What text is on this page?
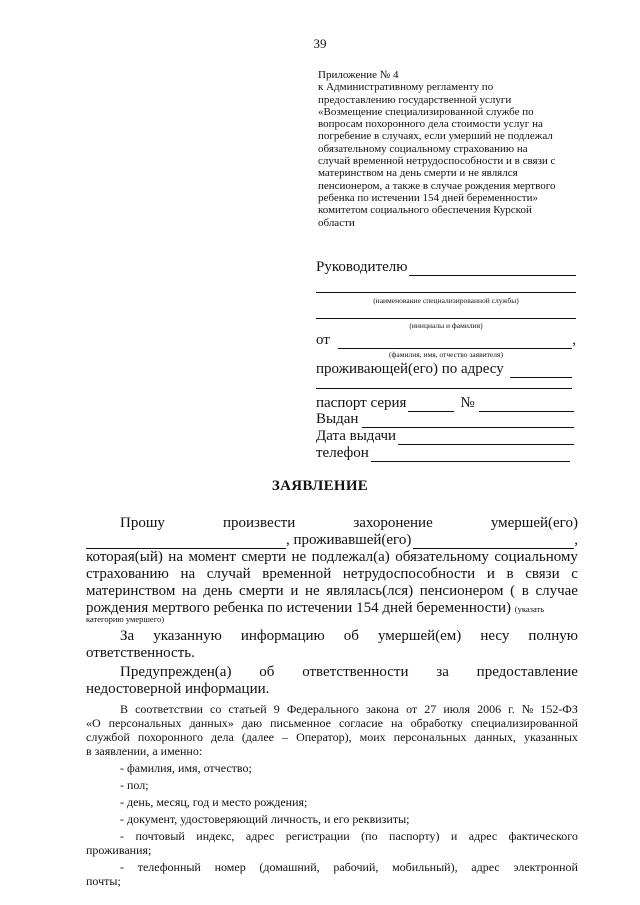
39
Приложение № 4
к Административному регламенту по
предоставлению государственной услуги
«Возмещение специализированной службе по
вопросам похоронного дела стоимости услуг на
погребение в случаях, если умерший не подлежал
обязательному социальному страхованию на
случай временной нетрудоспособности и в связи с
материнством на день смерти и не являлся
пенсионером, а также в случае рождения мертвого
ребенка по истечении 154 дней беременности»
комитетом социального обеспечения Курской
области
Руководителю
(наименование специализированной службы)
(инициалы и фамилия)
от	,
(фамилия, имя, отчество заявителя)
проживающей(его) по адресу
паспорт серия	№
Выдан
Дата выдачи
телефон
ЗАЯВЛЕНИЕ
Прошу	произвести	захоронение	умершей(его)
, проживавшей(его)	,
которая(ый) на момент смерти не подлежал(а) обязательному социальному
страхованию на случай временной нетрудоспособности и в связи с
материнством на день смерти и не являлась(лся) пенсионером ( в случае
рождения мертвого ребенка по истечении 154 дней беременности) (указать
категорию умершего)
За указанную информацию об умершей(ем) несу полную
ответственность.
Предупрежден(а) об ответственности за предоставление
недостоверной информации.
В соответствии со статьей 9 Федерального закона от 27 июля 2006 г. № 152-ФЗ
«О персональных данных» даю письменное согласие на обработку специализированной
службой похоронного дела (далее – Оператор), моих персональных данных, указанных
в заявлении, а именно:
- фамилия, имя, отчество;
- пол;
- день, месяц, год и место рождения;
- документ, удостоверяющий личность, и его реквизиты;
- почтовый индекс, адрес регистрации (по паспорту) и адрес фактического
проживания;
- телефонный номер (домашний, рабочий, мобильный), адрес электронной
почты;
